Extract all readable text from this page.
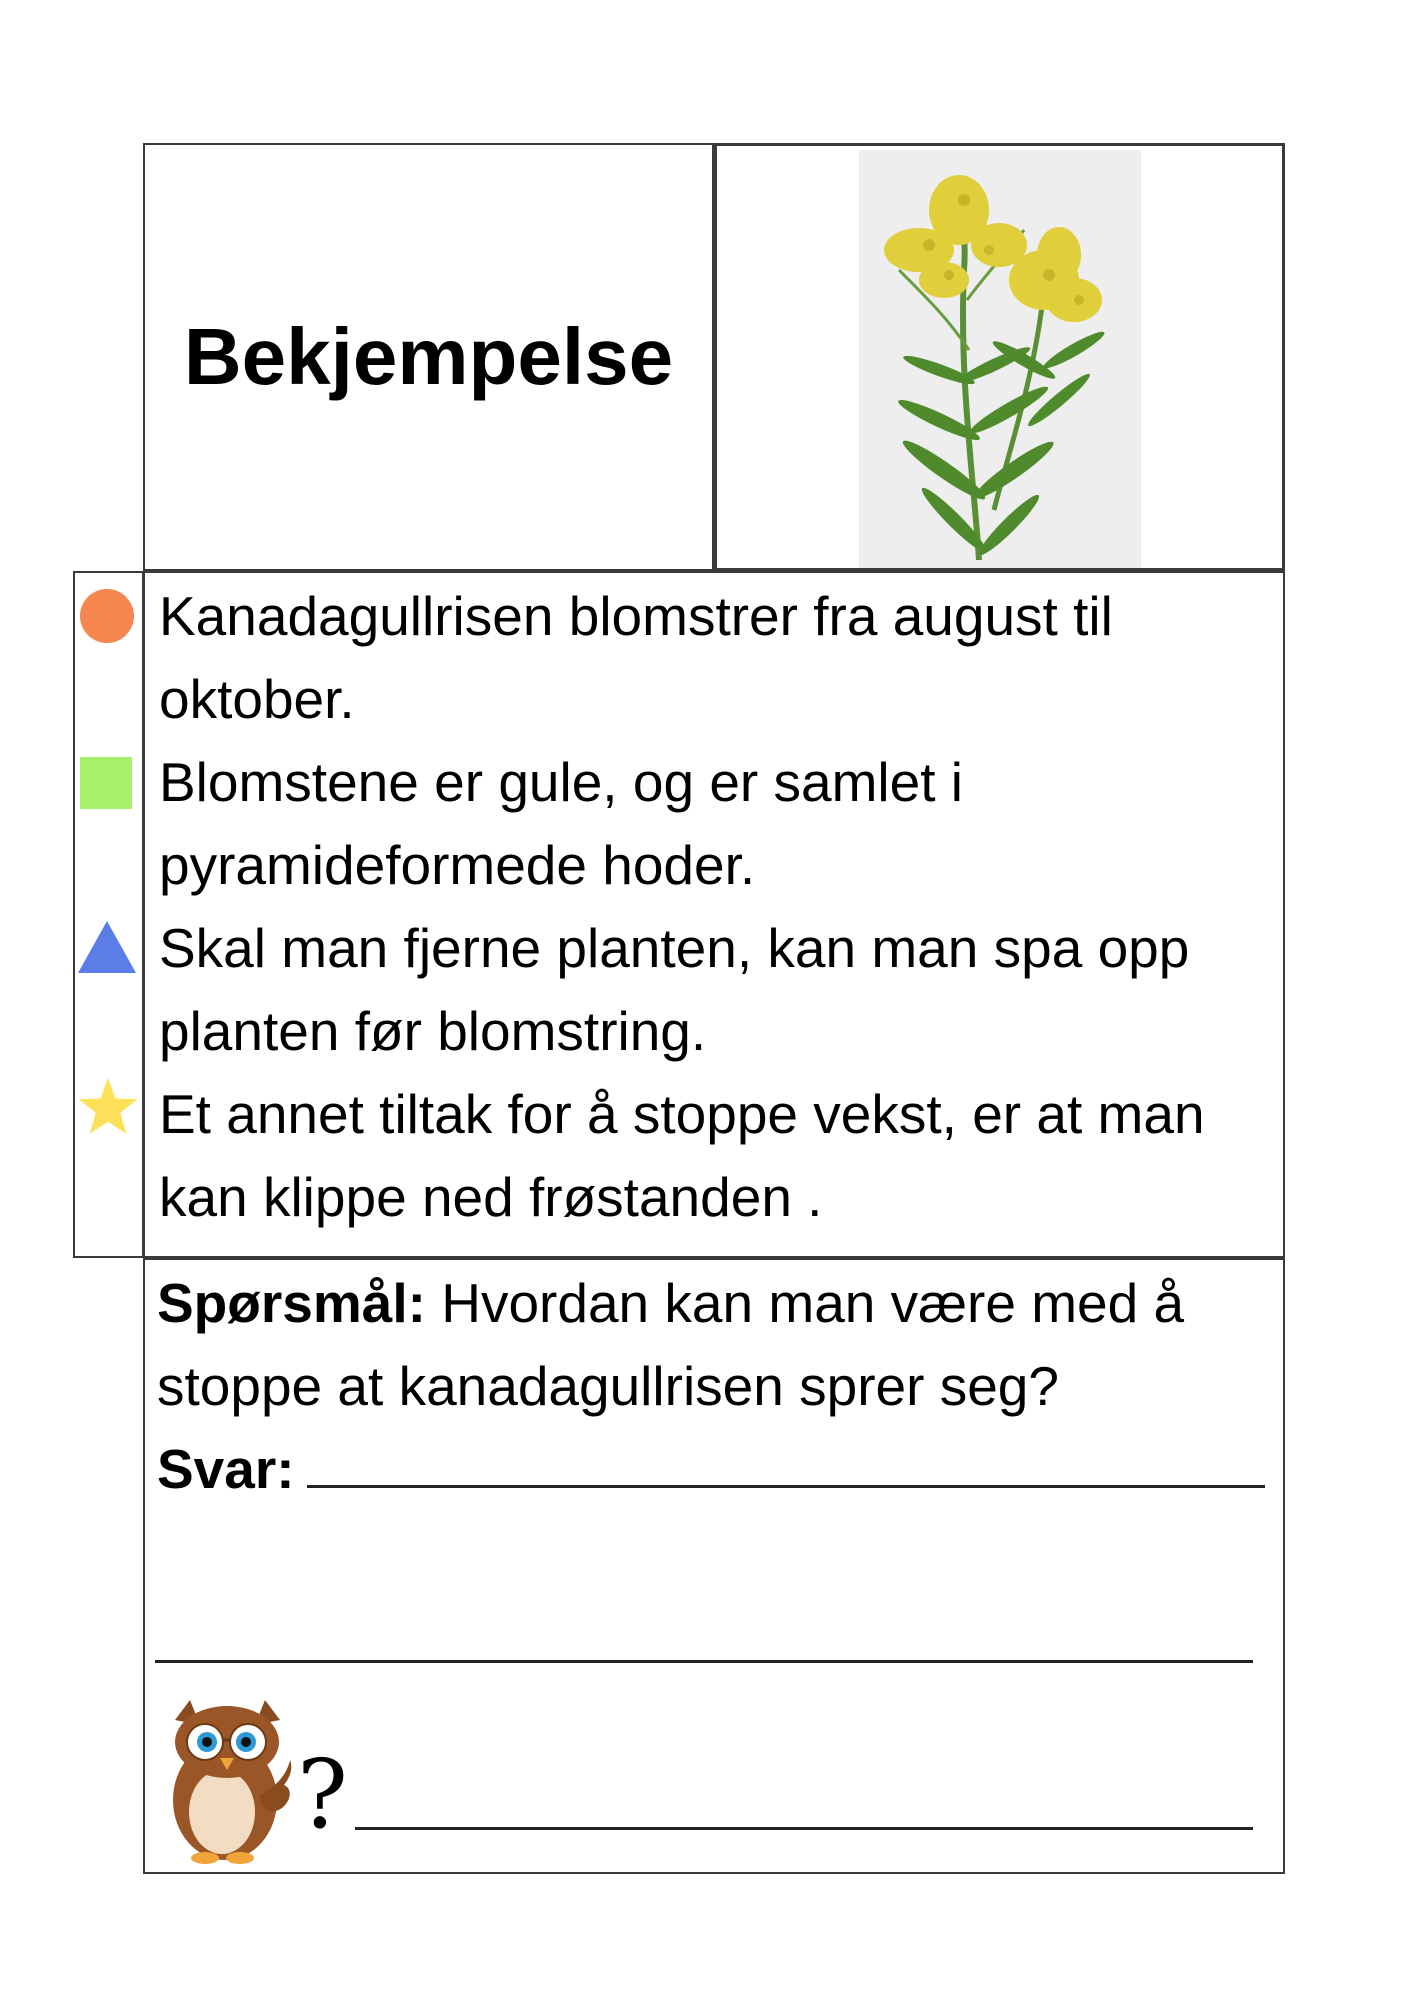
Bekjempelse

Kanadagullrisen blomstrer fra august til oktober.

Blomstene er gule, og er samlet i pyramideformede hoder.

Skal man fjerne planten, kan man spa opp planten før blomstring.

Et annet tiltak for å stoppe vekst, er at man kan klippe ned frøstanden .

Spørsmål: Hvordan kan man være med å stoppe at kanadagullrisen sprer seg?

Svar:

?
